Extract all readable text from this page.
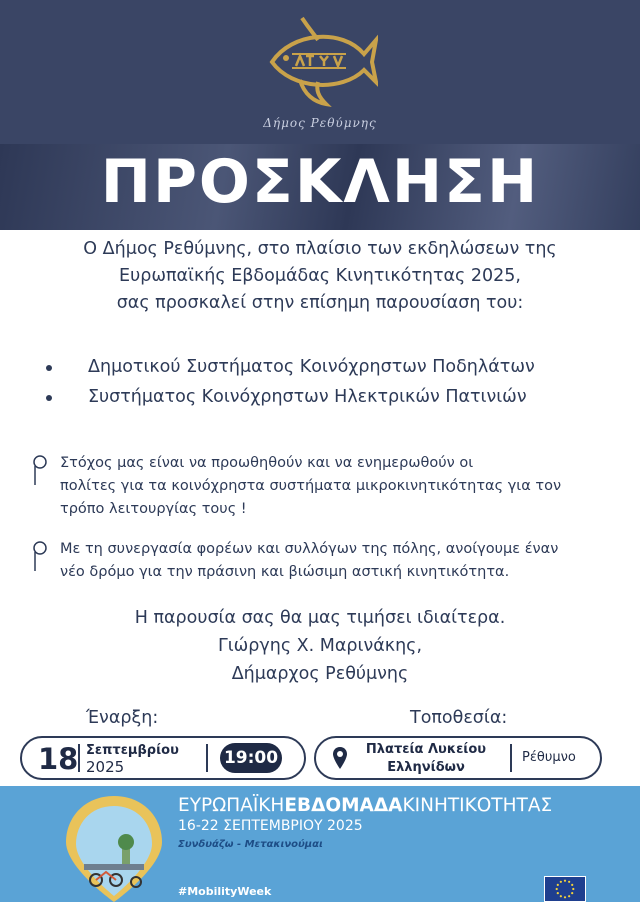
Δήμος Ρεθύμνης
ΠΡΟΣΚΛΗΣΗ
Ο Δήμος Ρεθύμνης, στο πλαίσιο των εκδηλώσεων της
Ευρωπαϊκής Εβδομάδας Κινητικότητας 2025,
σας προσκαλεί στην επίσημη παρουσίαση του:
Δημοτικού Συστήματος Κοινόχρηστων Ποδηλάτων
Συστήματος Κοινόχρηστων Ηλεκτρικών Πατινιών
Στόχος μας είναι να προωθηθούν και να ενημερωθούν οι
πολίτες για τα κοινόχρηστα συστήματα μικροκινητικότητας για τον
τρόπο λειτουργίας τους !
Με τη συνεργασία φορέων και συλλόγων της πόλης, ανοίγουμε έναν
νέο δρόμο για την πράσινη και βιώσιμη αστική κινητικότητα.
Η παρουσία σας θα μας τιμήσει ιδιαίτερα.
Γιώργης Χ. Μαρινάκης,
Δήμαρχος Ρεθύμνης
Έναρξη:	Τοποθεσία:
18 Σεπτεμβρίου
2025	19:00	Πλατεία Λυκείου
Ελληνίδων
Ρέθυμνο
ΕΥΡΩΠΑΪΚΗΕΒΔΟΜΑΔΑΚΙΝΗΤΙΚΟΤΗΤΑΣ
16-22 ΣΕΠΤΕΜΒΡΙΟΥ 2025
Συνδυάζω - Μετακινούμαι
#MobilityWeek
